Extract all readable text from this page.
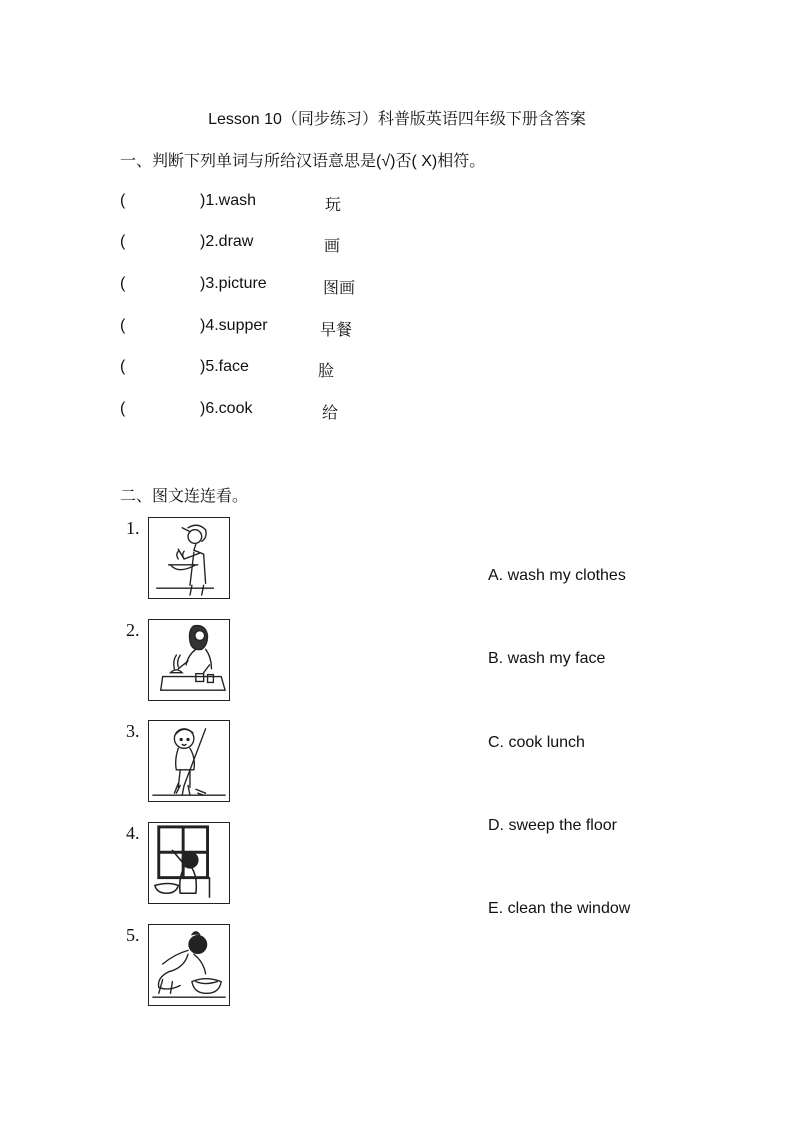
Lesson 10（同步练习）科普版英语四年级下册含答案
一、判断下列单词与所给汉语意思是(√)否( X)相符。
(	)1.wash	玩
(	)2.draw	画
(	)3.picture	图画
(	)4.supper	早餐
(	)5.face	脸
(	)6.cook	给
二、图文连连看。
1.
2.
3.
4.
5.
A. wash my clothes
B. wash my face
C. cook lunch
D. sweep the floor
E. clean the window
